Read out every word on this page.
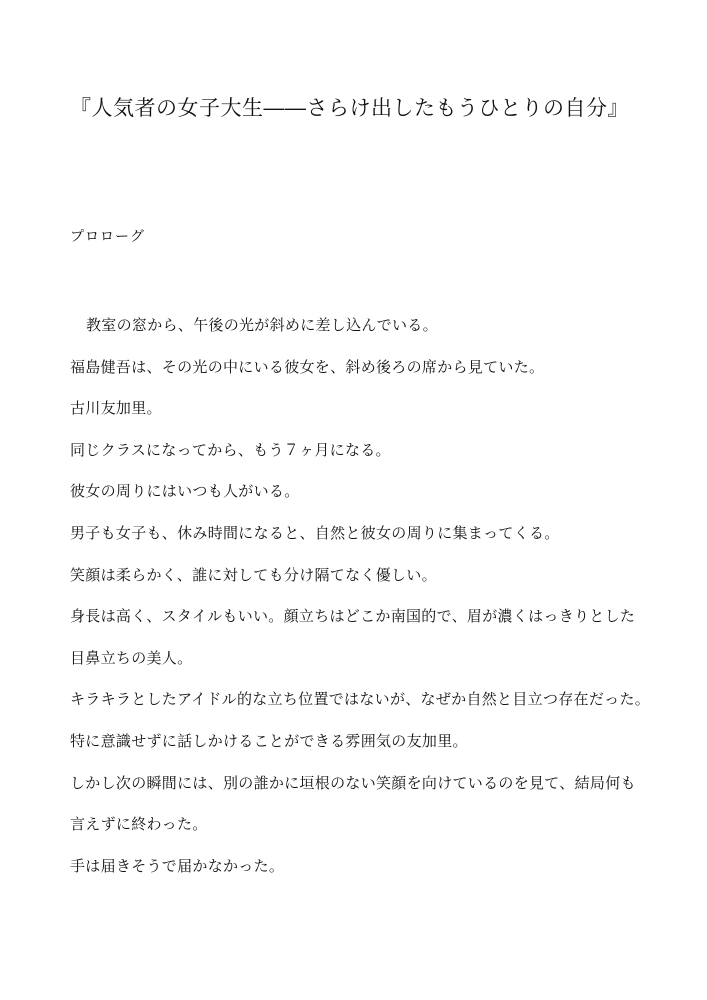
『人気者の女子大生――さらけ出したもうひとりの自分』
プロローグ
教室の窓から、午後の光が斜めに差し込んでいる。
福島健吾は、その光の中にいる彼女を、斜め後ろの席から見ていた。
古川友加里。
同じクラスになってから、もう７ヶ月になる。
彼女の周りにはいつも人がいる。
男子も女子も、休み時間になると、自然と彼女の周りに集まってくる。
笑顔は柔らかく、誰に対しても分け隔てなく優しい。
身長は高く、スタイルもいい。顔立ちはどこか南国的で、眉が濃くはっきりとした
目鼻立ちの美人。
キラキラとしたアイドル的な立ち位置ではないが、なぜか自然と目立つ存在だった。
特に意識せずに話しかけることができる雰囲気の友加里。
しかし次の瞬間には、別の誰かに垣根のない笑顔を向けているのを見て、結局何も
言えずに終わった。
手は届きそうで届かなかった。
